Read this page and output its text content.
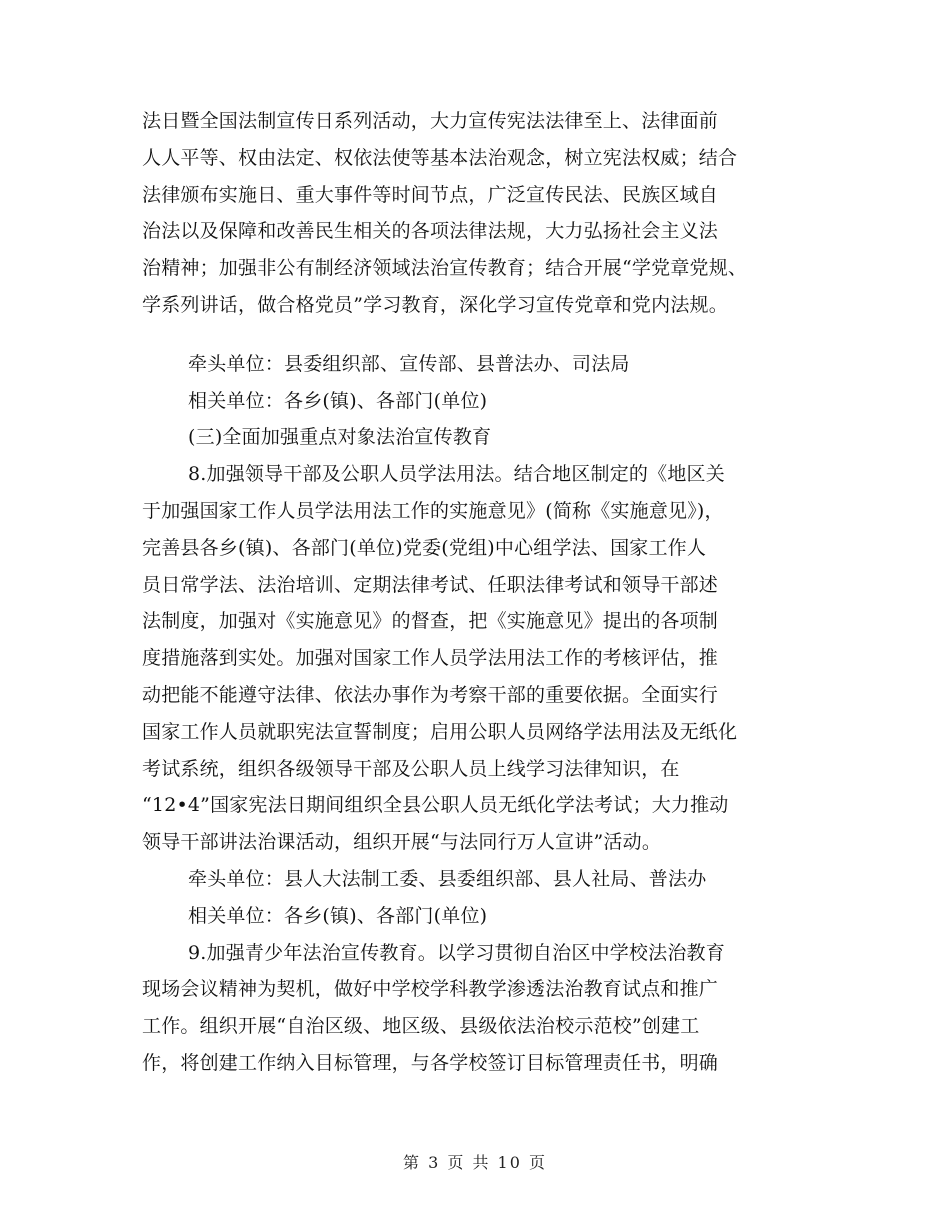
法日暨全国法制宣传日系列活动，大力宣传宪法法律至上、法律面前
人人平等、权由法定、权依法使等基本法治观念，树立宪法权威；结合
法律颁布实施日、重大事件等时间节点，广泛宣传民法、民族区域自
治法以及保障和改善民生相关的各项法律法规，大力弘扬社会主义法
治精神；加强非公有制经济领域法治宣传教育；结合开展“学党章党规、
学系列讲话，做合格党员”学习教育，深化学习宣传党章和党内法规。
牵头单位：县委组织部、宣传部、县普法办、司法局
相关单位：各乡(镇)、各部门(单位)
(三)全面加强重点对象法治宣传教育
8.加强领导干部及公职人员学法用法。结合地区制定的《地区关
于加强国家工作人员学法用法工作的实施意见》(简称《实施意见》)，
完善县各乡(镇)、各部门(单位)党委(党组)中心组学法、国家工作人
员日常学法、法治培训、定期法律考试、任职法律考试和领导干部述
法制度，加强对《实施意见》的督查，把《实施意见》提出的各项制
度措施落到实处。加强对国家工作人员学法用法工作的考核评估，推
动把能不能遵守法律、依法办事作为考察干部的重要依据。全面实行
国家工作人员就职宪法宣誓制度；启用公职人员网络学法用法及无纸化
考试系统，组织各级领导干部及公职人员上线学习法律知识，在
“12•4”国家宪法日期间组织全县公职人员无纸化学法考试；大力推动
领导干部讲法治课活动，组织开展“与法同行万人宣讲”活动。
牵头单位：县人大法制工委、县委组织部、县人社局、普法办
相关单位：各乡(镇)、各部门(单位)
9.加强青少年法治宣传教育。以学习贯彻自治区中学校法治教育
现场会议精神为契机，做好中学校学科教学渗透法治教育试点和推广
工作。组织开展“自治区级、地区级、县级依法治校示范校”创建工
作，将创建工作纳入目标管理，与各学校签订目标管理责任书，明确
第 3 页 共 10 页
